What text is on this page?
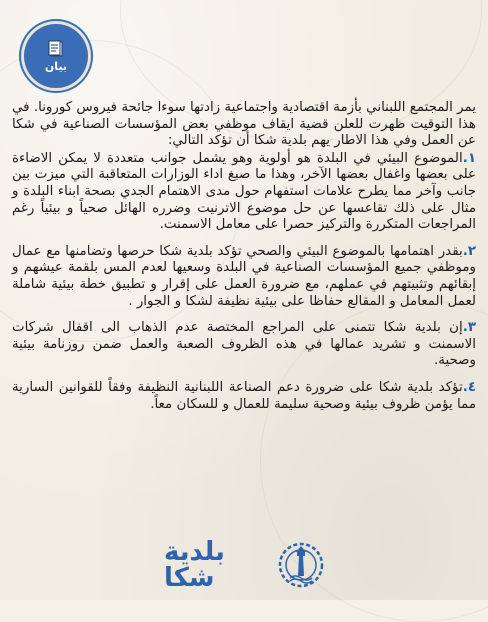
بيان

يمر المجتمع اللبناني بأزمة اقتصادية واجتماعية زادتها سوءا جائحة فيروس كورونا. في هذا التوقيت ظهرت للعلن قضية ايقاف موظفي بعض المؤسسات الصناعية في شكا عن العمل وفي هذا الاطار يهم بلدية شكا أن تؤكد التالي:

١.الموضوع البيئي في البلدة هو أولوية وهو يشمل جوانب متعددة لا يمكن الاضاءة على بعضها واغفال بعضها الآخر، وهذا ما صبغ اداء الوزارات المتعاقبة التي ميزت بين جانب وآخر مما يطرح علامات استفهام حول مدى الاهتمام الجدي بصحة ابناء البلدة و مثال على ذلك تقاعسها عن حل موضوع الاترنيت وضرره الهائل صحياً و بيئياً رغم المراجعات المتكررة والتركيز حصرا على معامل الاسمنت.

٢.بقدر اهتمامها بالموضوع البيئي والصحي تؤكد بلدية شكا حرصها وتضامنها مع عمال وموظفي جميع المؤسسات الصناعية في البلدة وسعيها لعدم المس بلقمة عيشهم و إبقائهم وتثبيتهم في عملهم، مع ضرورة العمل على إقرار و تطبيق خطة بيئية شاملة لعمل المعامل و المقالع حفاظا على بيئية نظيفة لشكا و الجوار .

٣.إن بلدية شكا تتمنى على المراجع المختصة عدم الذهاب الى اقفال شركات الاسمنت و تشريد عمالها في هذه الظروف الصعبة والعمل ضمن روزنامة بيئية وصحية.

٤.تؤكد بلدية شكا على ضرورة دعم الصناعة اللبنانية النظيفة وفقاً للقوانين السارية مما يؤمن ظروف بيئية وصحية سليمة للعمال و للسكان معاً.

بلدية شكا
